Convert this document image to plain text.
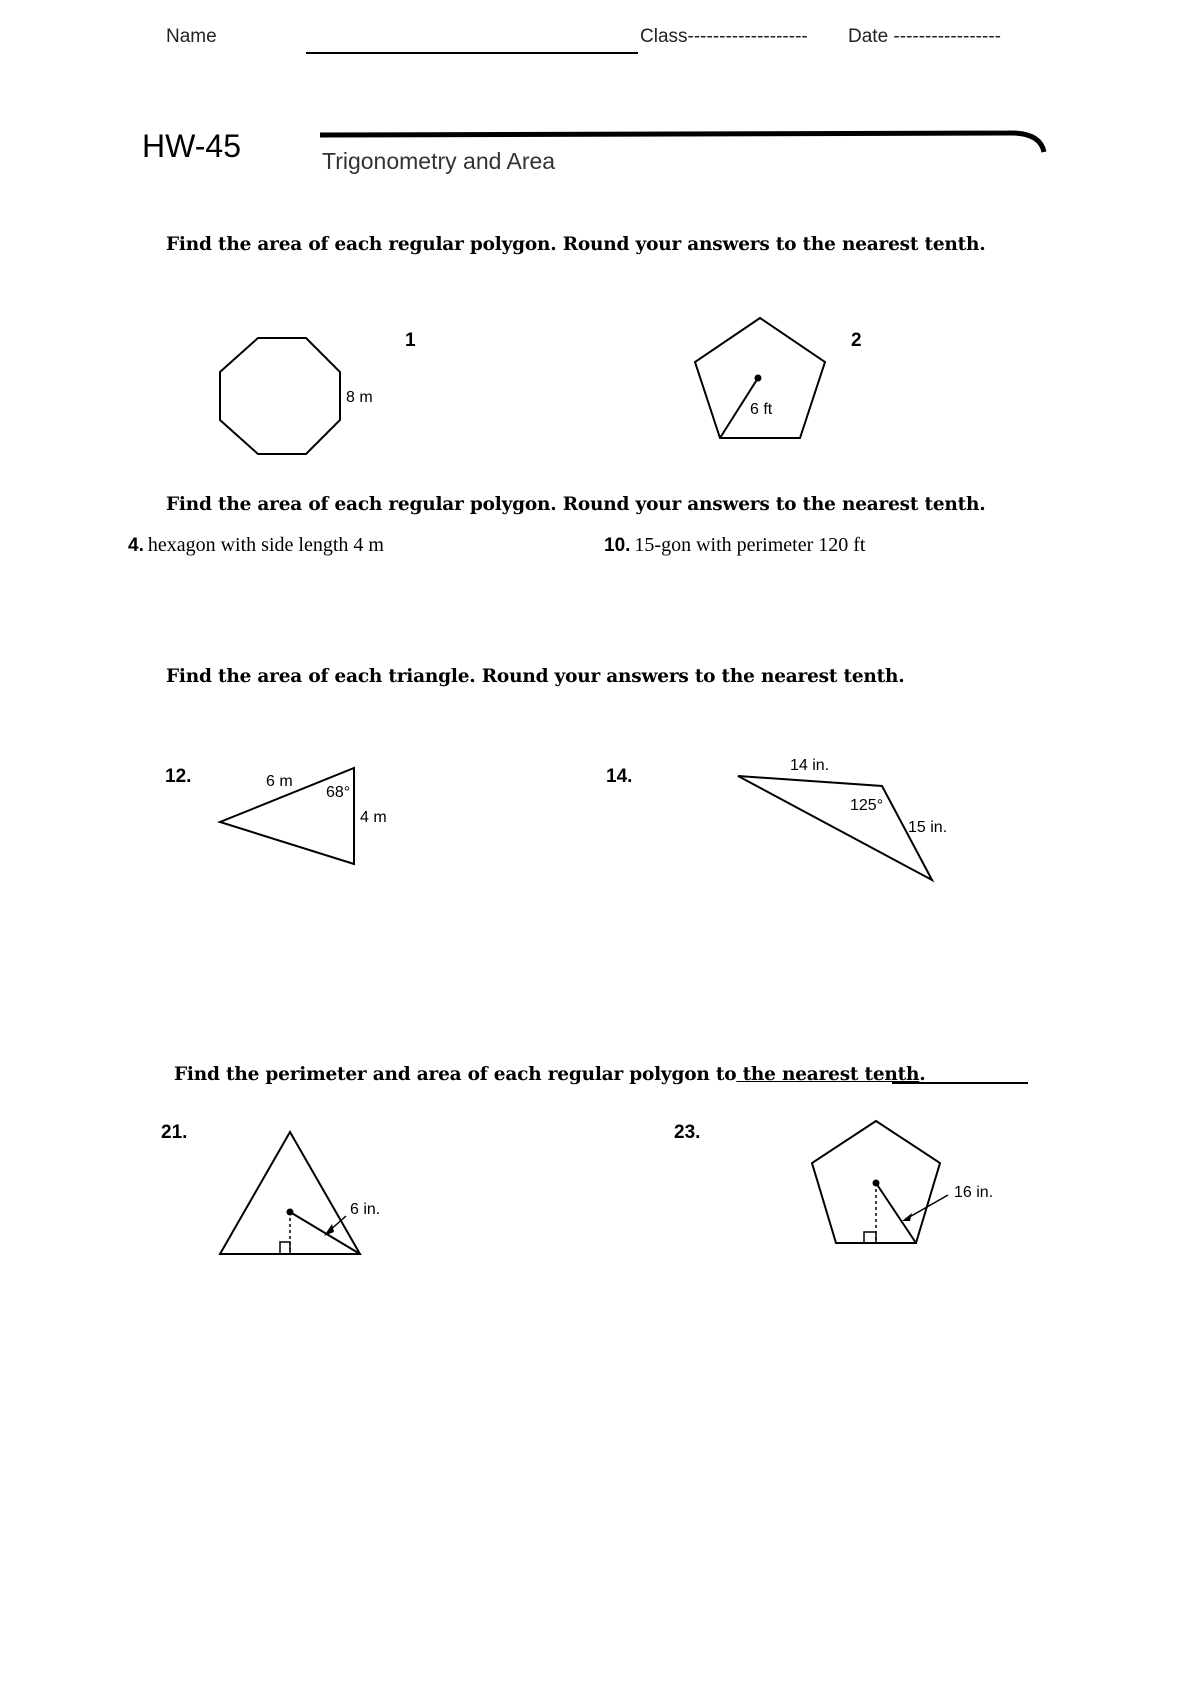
Name	Class------------------- Date -----------------
HW-45	Trigonometry and Area
Find the area of each regular polygon. Round your answers to the nearest tenth.
1
8 m
2
6 ft
Find the area of each regular polygon. Round your answers to the nearest tenth.
4. hexagon with side length 4 m	10. 15-gon with perimeter 120 ft
Find the area of each triangle. Round your answers to the nearest tenth.
12.	6 m
68°
4 m
14.
14 in.
125°
15 in.
Find the perimeter and area of each regular polygon to the nearest tenth.
21.
6 in.
23.
16 in.
